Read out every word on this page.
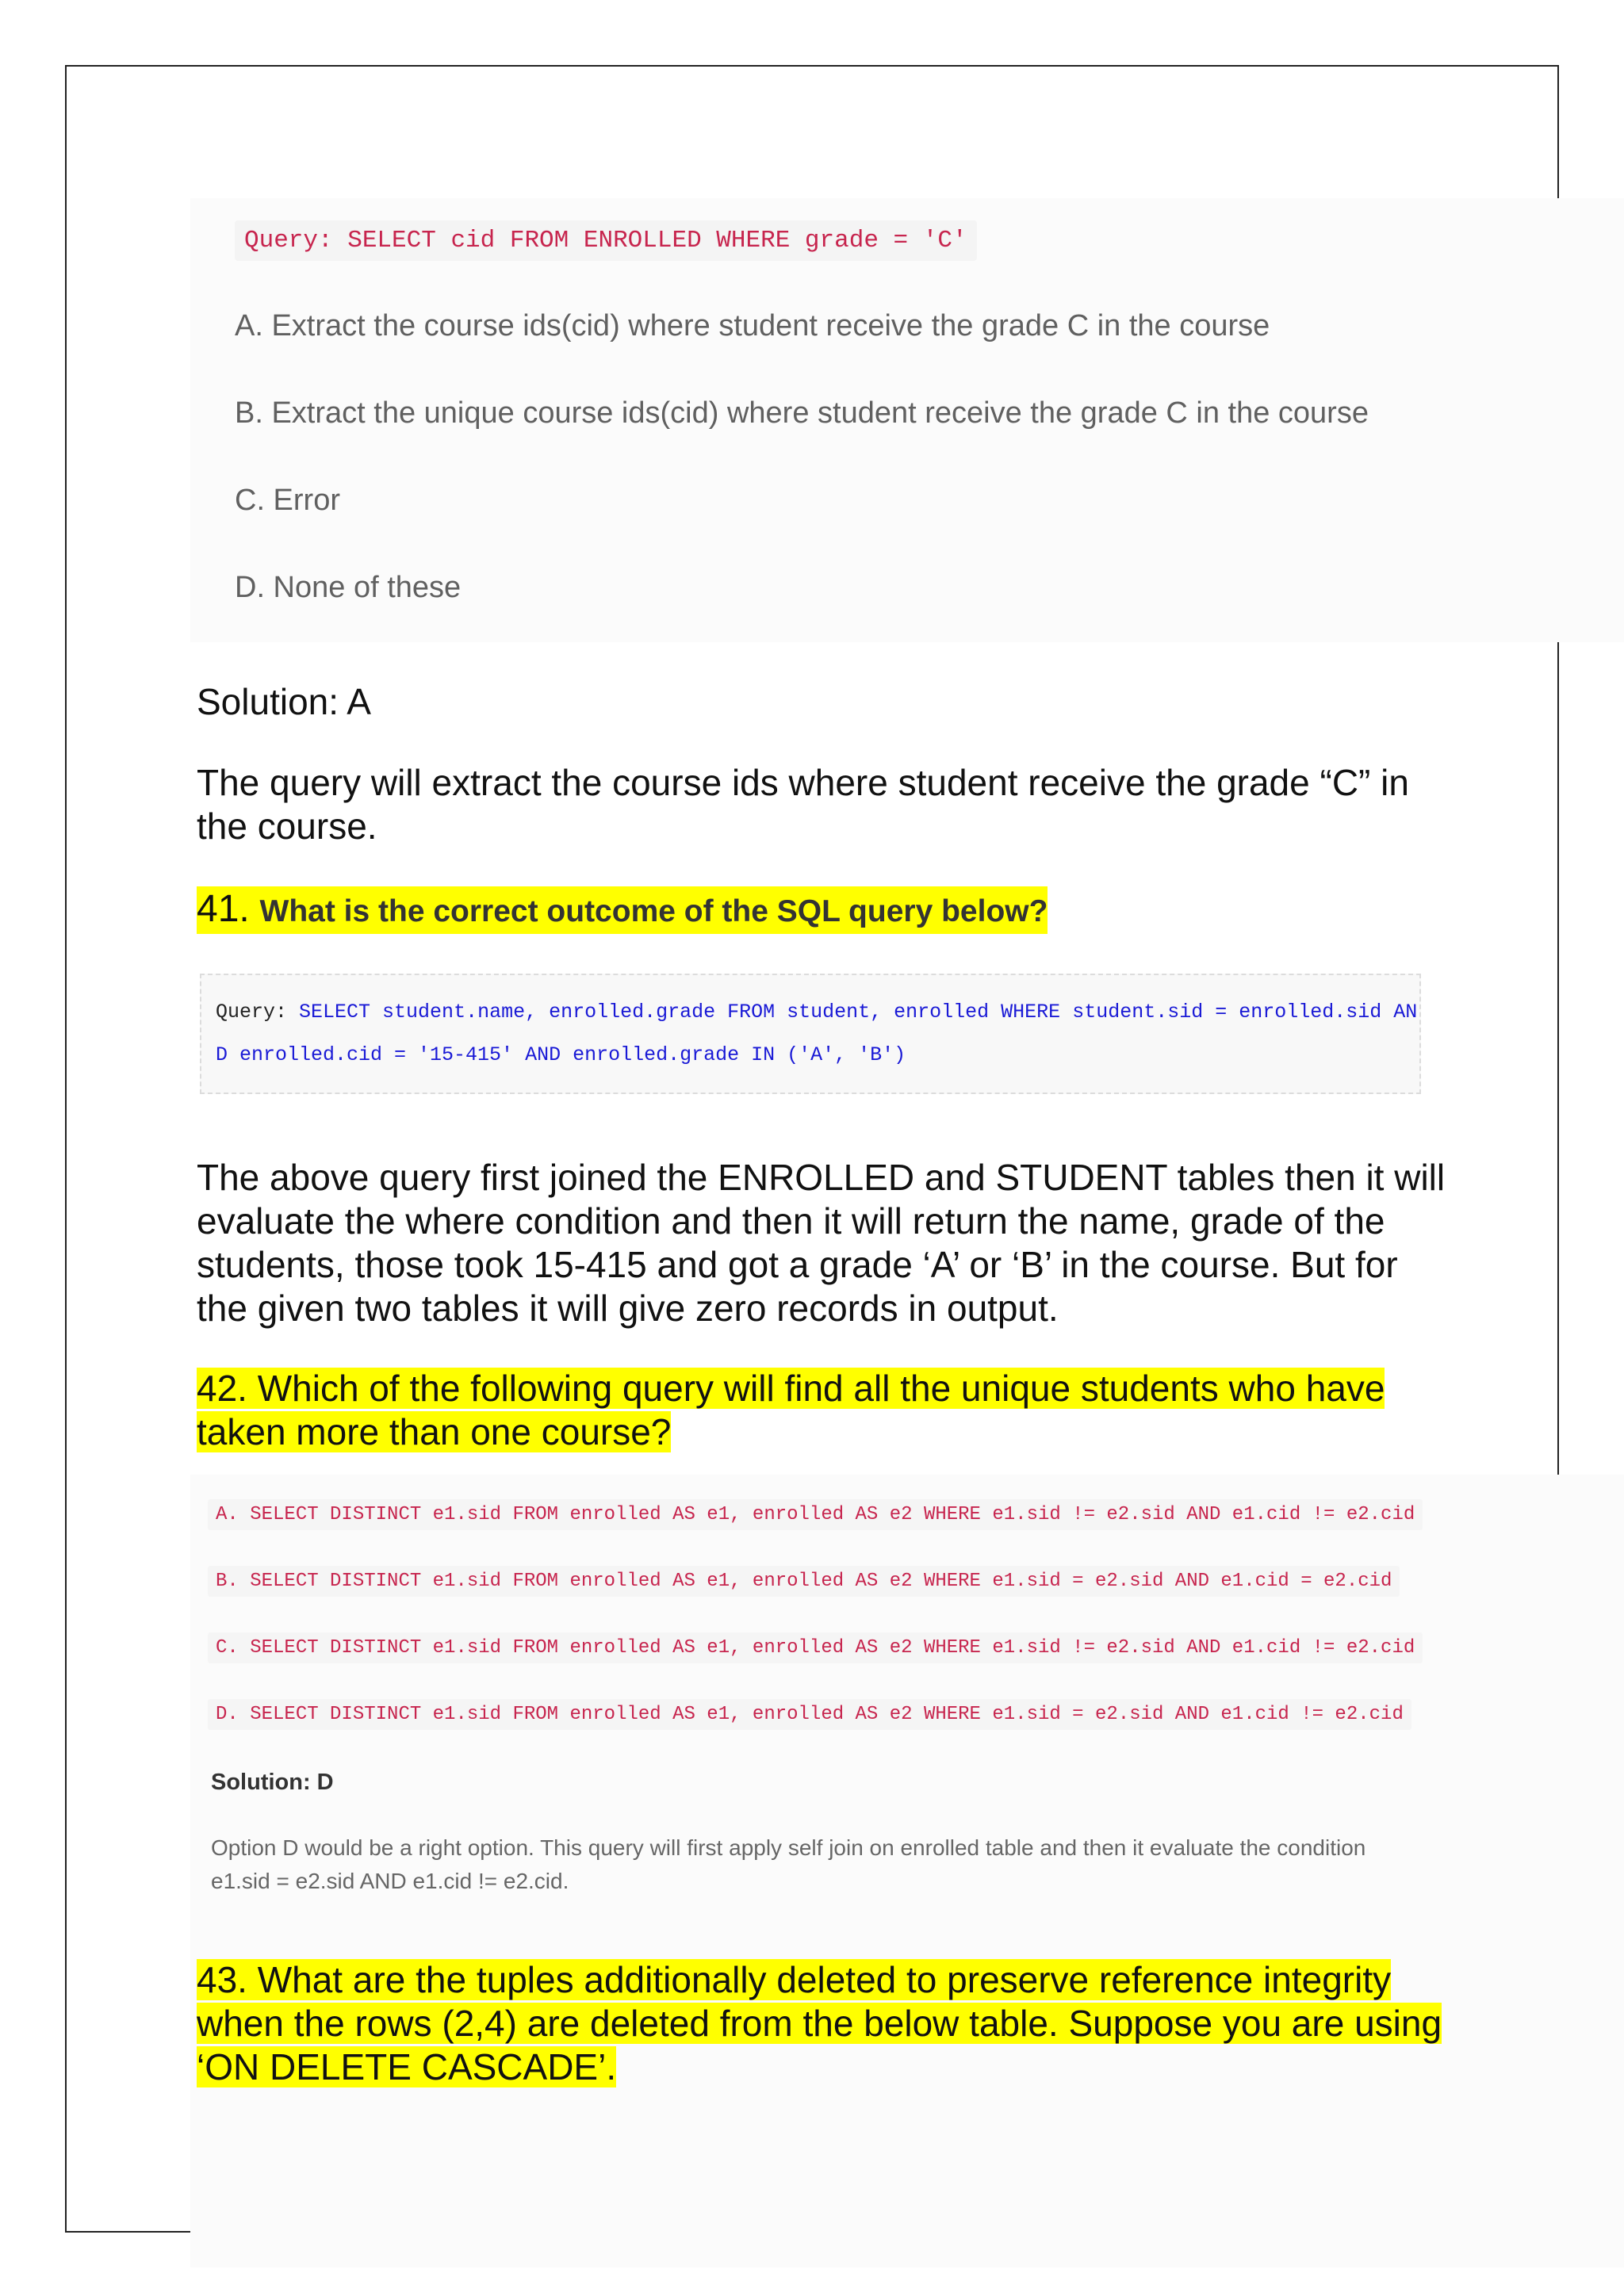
Query: SELECT cid FROM ENROLLED WHERE grade = 'C'
A. Extract the course ids(cid) where student receive the grade C in the course
B. Extract the unique course ids(cid) where student receive the grade C in the course
C. Error
D. None of these
Solution: A
The query will extract the course ids where student receive the grade “C” in the course.
41. What is the correct outcome of the SQL query below?
Query: SELECT student.name, enrolled.grade FROM student, enrolled WHERE student.sid = enrolled.sid AN
D enrolled.cid = '15-415' AND enrolled.grade IN ('A', 'B')
The above query first joined the ENROLLED and STUDENT tables then it will evaluate the where condition and then it will return the name, grade of the students, those took 15-415 and got a grade ‘A’ or ‘B’ in the course. But for the given two tables it will give zero records in output.
42. Which of the following query will find all the unique students who have taken more than one course?
A. SELECT DISTINCT e1.sid FROM enrolled AS e1, enrolled AS e2 WHERE e1.sid != e2.sid AND e1.cid != e2.cid
B. SELECT DISTINCT e1.sid FROM enrolled AS e1, enrolled AS e2 WHERE e1.sid = e2.sid AND e1.cid = e2.cid
C. SELECT DISTINCT e1.sid FROM enrolled AS e1, enrolled AS e2 WHERE e1.sid != e2.sid AND e1.cid != e2.cid
D. SELECT DISTINCT e1.sid FROM enrolled AS e1, enrolled AS e2 WHERE e1.sid = e2.sid AND e1.cid != e2.cid
Solution: D
Option D would be a right option. This query will first apply self join on enrolled table and then it evaluate the condition e1.sid = e2.sid AND e1.cid != e2.cid.
43. What are the tuples additionally deleted to preserve reference integrity when the rows (2,4) are deleted from the below table. Suppose you are using ‘ON DELETE CASCADE’.
